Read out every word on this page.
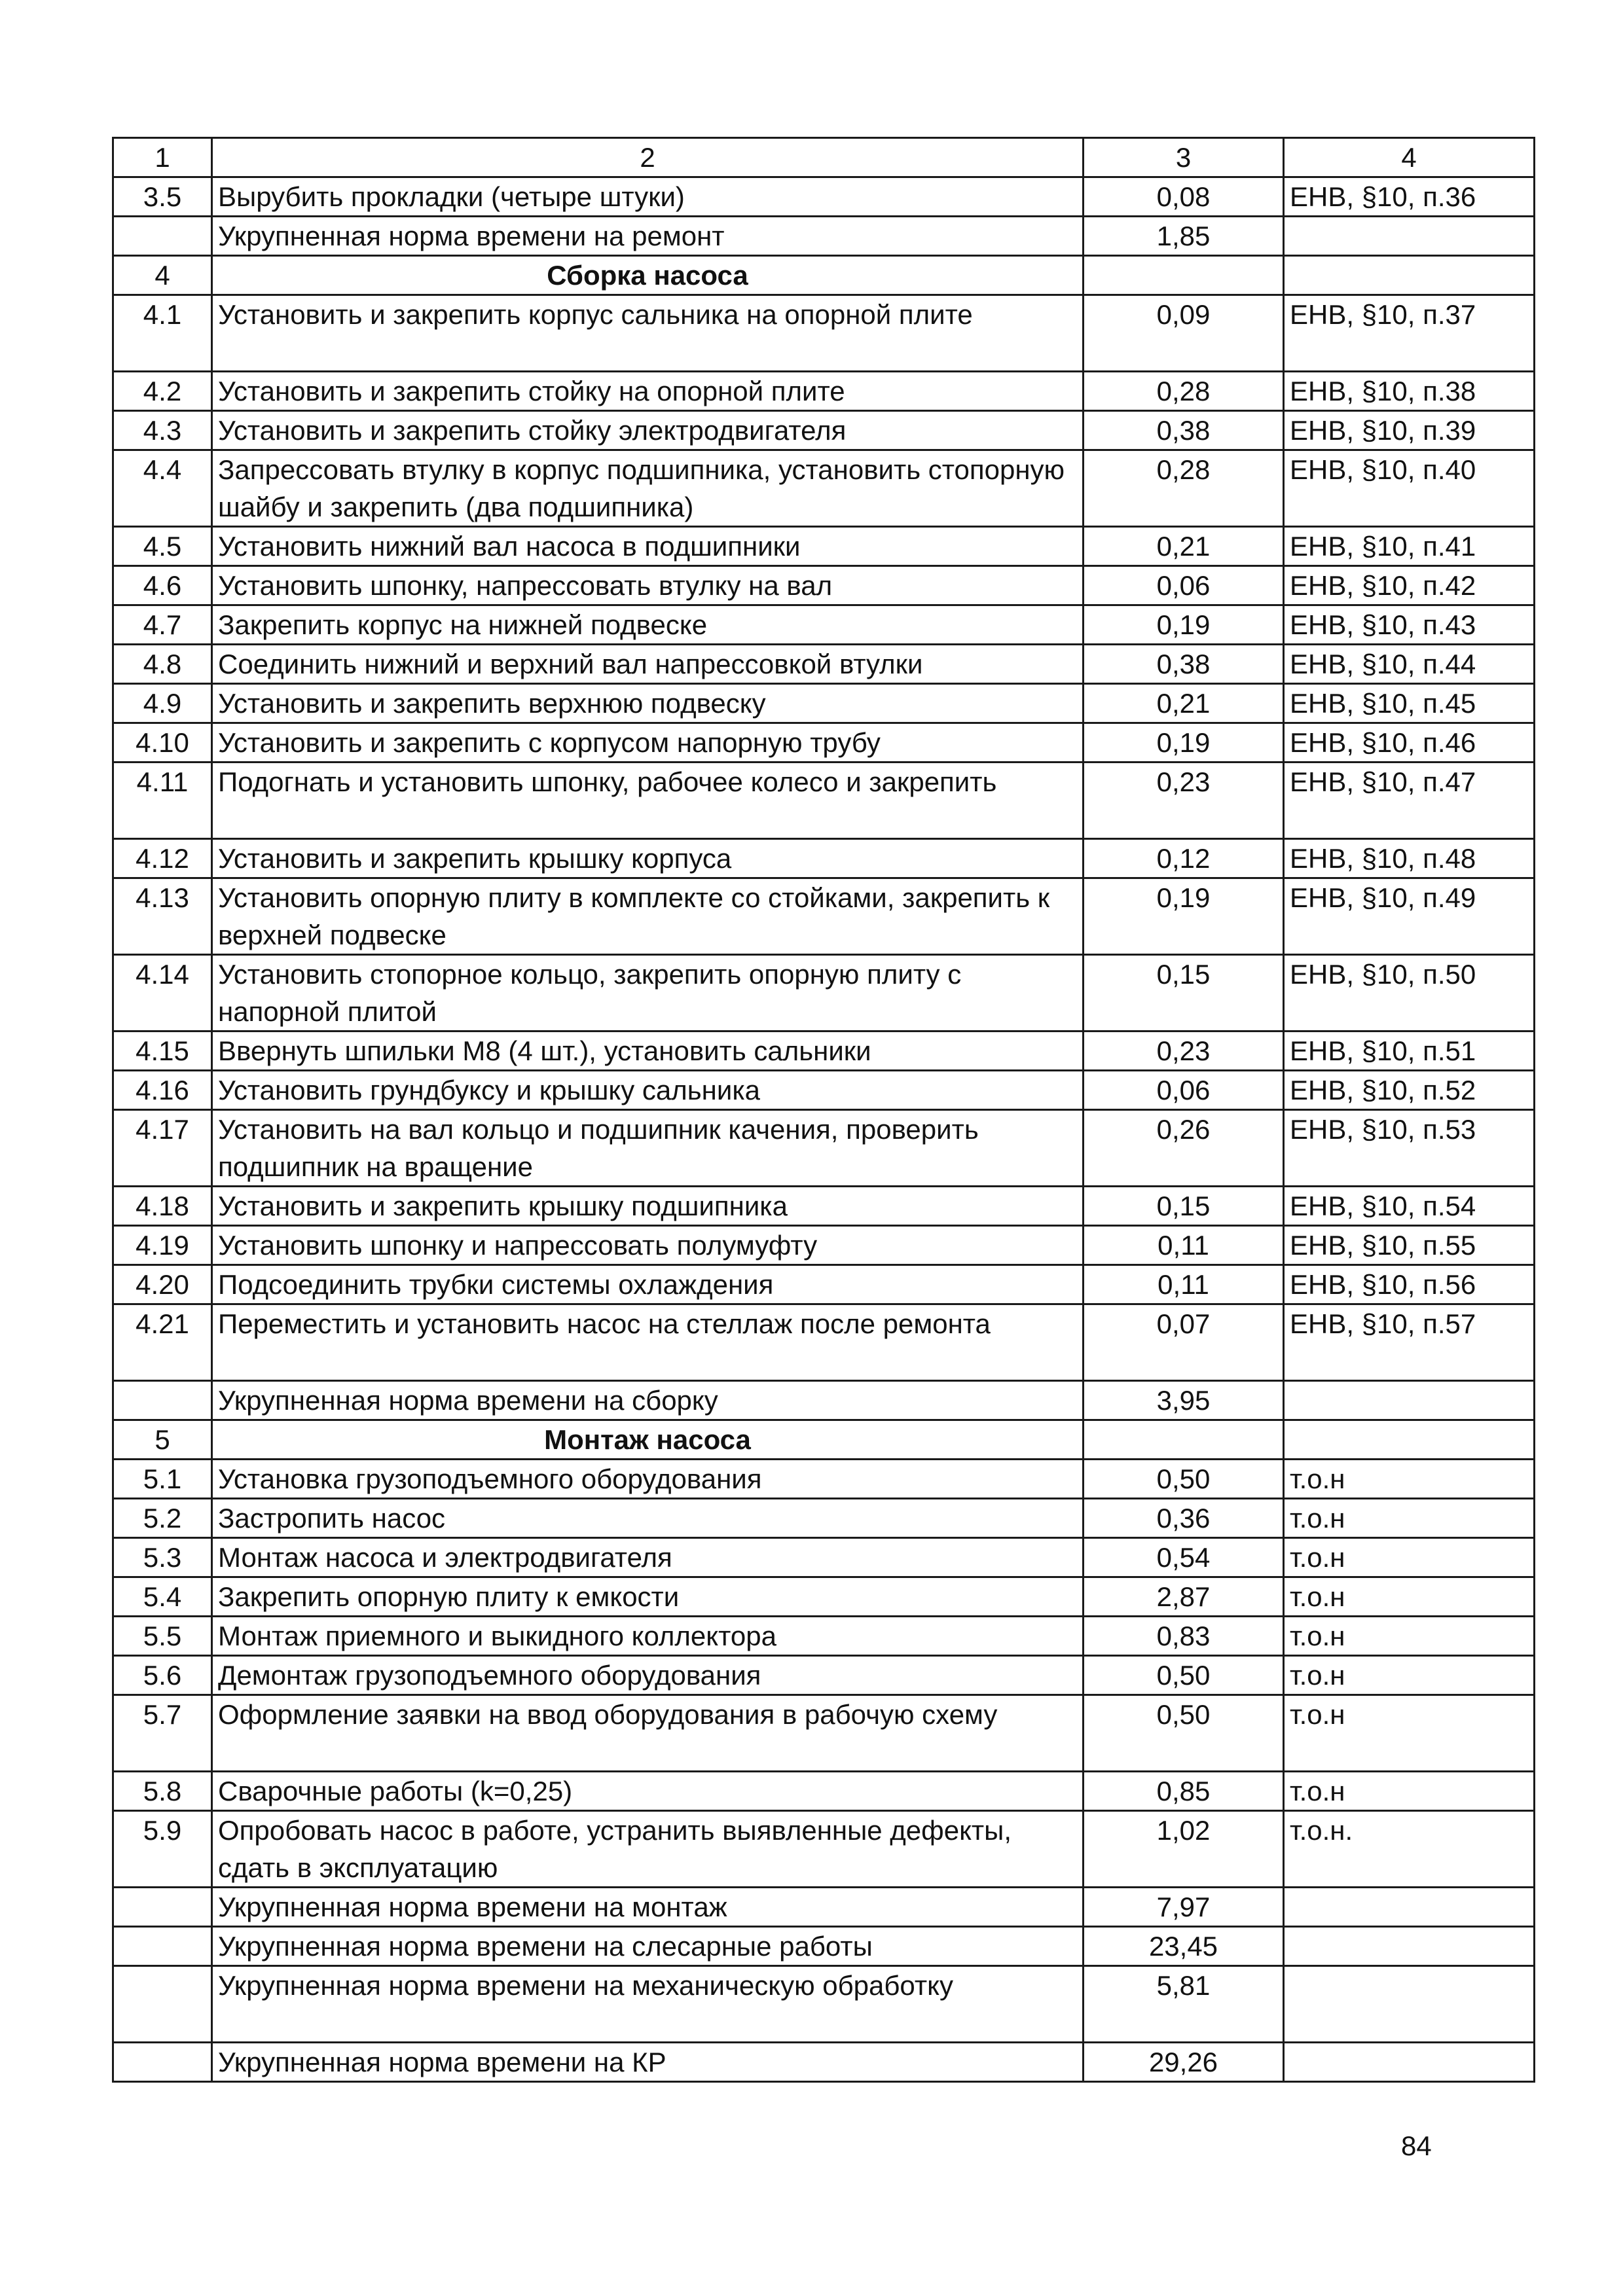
1	2	3	4
3.5	Вырубить прокладки (четыре штуки)	0,08	ЕНВ, §10, п.36
	Укрупненная норма времени на ремонт	1,85	
4	Сборка насоса		
4.1	Установить и закрепить корпус сальника на опорной плите	0,09	ЕНВ, §10, п.37
4.2	Установить и закрепить стойку на опорной плите	0,28	ЕНВ, §10, п.38
4.3	Установить и закрепить стойку электродвигателя	0,38	ЕНВ, §10, п.39
4.4	Запрессовать втулку в корпус подшипника, установить стопорную шайбу и закрепить (два подшипника)	0,28	ЕНВ, §10, п.40
4.5	Установить нижний вал насоса в подшипники	0,21	ЕНВ, §10, п.41
4.6	Установить шпонку, напрессовать втулку на вал	0,06	ЕНВ, §10, п.42
4.7	Закрепить корпус на нижней подвеске	0,19	ЕНВ, §10, п.43
4.8	Соединить нижний и верхний вал напрессовкой втулки	0,38	ЕНВ, §10, п.44
4.9	Установить и закрепить верхнюю подвеску	0,21	ЕНВ, §10, п.45
4.10	Установить и закрепить с корпусом напорную трубу	0,19	ЕНВ, §10, п.46
4.11	Подогнать и установить шпонку, рабочее колесо и закрепить	0,23	ЕНВ, §10, п.47
4.12	Установить и закрепить крышку корпуса	0,12	ЕНВ, §10, п.48
4.13	Установить опорную плиту в комплекте со стойками, закрепить к верхней подвеске	0,19	ЕНВ, §10, п.49
4.14	Установить стопорное кольцо, закрепить опорную плиту с напорной плитой	0,15	ЕНВ, §10, п.50
4.15	Ввернуть шпильки М8 (4 шт.), установить сальники	0,23	ЕНВ, §10, п.51
4.16	Установить грундбуксу и крышку сальника	0,06	ЕНВ, §10, п.52
4.17	Установить на вал кольцо и подшипник качения, проверить подшипник на вращение	0,26	ЕНВ, §10, п.53
4.18	Установить и закрепить крышку подшипника	0,15	ЕНВ, §10, п.54
4.19	Установить шпонку и напрессовать полумуфту	0,11	ЕНВ, §10, п.55
4.20	Подсоединить трубки системы охлаждения	0,11	ЕНВ, §10, п.56
4.21	Переместить и установить насос на стеллаж после ремонта	0,07	ЕНВ, §10, п.57
	Укрупненная норма времени на сборку	3,95	
5	Монтаж насоса		
5.1	Установка грузоподъемного оборудования	0,50	т.о.н
5.2	Застропить насос	0,36	т.о.н
5.3	Монтаж насоса и электродвигателя	0,54	т.о.н
5.4	Закрепить опорную плиту к емкости	2,87	т.о.н
5.5	Монтаж приемного и выкидного коллектора	0,83	т.о.н
5.6	Демонтаж грузоподъемного оборудования	0,50	т.о.н
5.7	Оформление заявки на ввод оборудования в рабочую схему	0,50	т.о.н
5.8	Сварочные работы (k=0,25)	0,85	т.о.н
5.9	Опробовать насос в работе, устранить выявленные дефекты, сдать в эксплуатацию	1,02	т.о.н.
	Укрупненная норма времени на монтаж	7,97	
	Укрупненная норма времени на слесарные работы	23,45	
	Укрупненная норма времени на механическую обработку	5,81	
	Укрупненная норма времени на КР	29,26	
84
